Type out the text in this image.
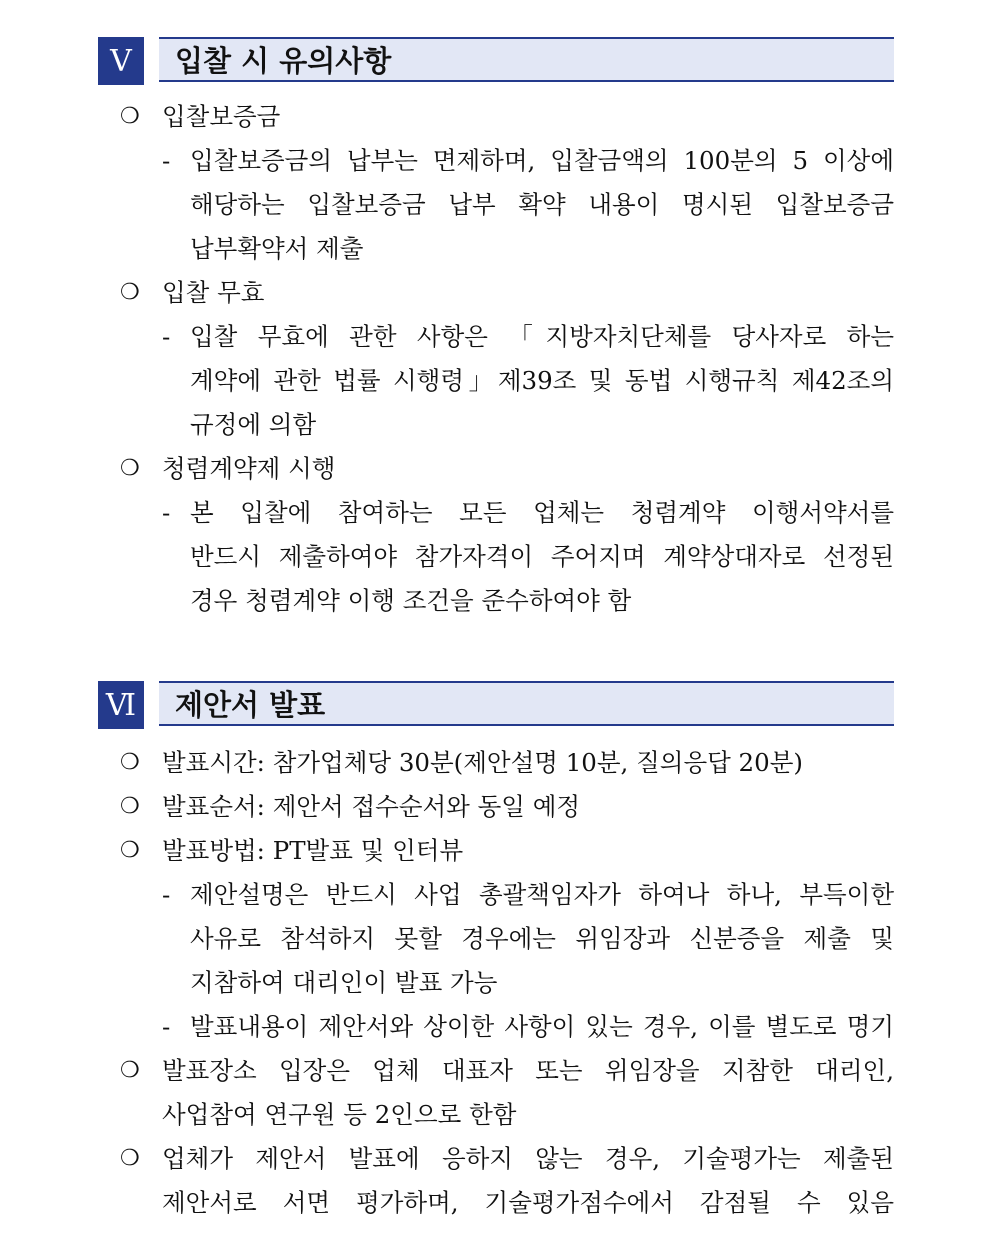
Ⅴ	입찰 시 유의사항
❍ 입찰보증금
- 입찰보증금의 납부는 면제하며, 입찰금액의 100분의 5 이상에
해당하는 입찰보증금 납부 확약 내용이 명시된 입찰보증금
납부확약서 제출
❍ 입찰 무효
- 입찰 무효에 관한 사항은 「지방자치단체를 당사자로 하는
계약에 관한 법률 시행령」제39조 및 동법 시행규칙 제42조의
규정에 의함
❍ 청렴계약제 시행
- 본 입찰에 참여하는 모든 업체는 청렴계약 이행서약서를
반드시 제출하여야 참가자격이 주어지며 계약상대자로 선정된
경우 청렴계약 이행 조건을 준수하여야 함
Ⅵ 제안서 발표
❍ 발표시간: 참가업체당 30분(제안설명 10분, 질의응답 20분)
❍ 발표순서: 제안서 접수순서와 동일 예정
❍ 발표방법: PT발표 및 인터뷰
- 제안설명은 반드시 사업 총괄책임자가 하여나 하나, 부득이한
사유로 참석하지 못할 경우에는 위임장과 신분증을 제출 및
지참하여 대리인이 발표 가능
- 발표내용이 제안서와 상이한 사항이 있는 경우, 이를 별도로 명기
❍ 발표장소 입장은 업체 대표자 또는 위임장을 지참한 대리인,
사업참여 연구원 등 2인으로 한함
❍ 업체가 제안서 발표에 응하지 않는 경우, 기술평가는 제출된
제안서로 서면 평가하며, 기술평가점수에서 감점될 수 있음
